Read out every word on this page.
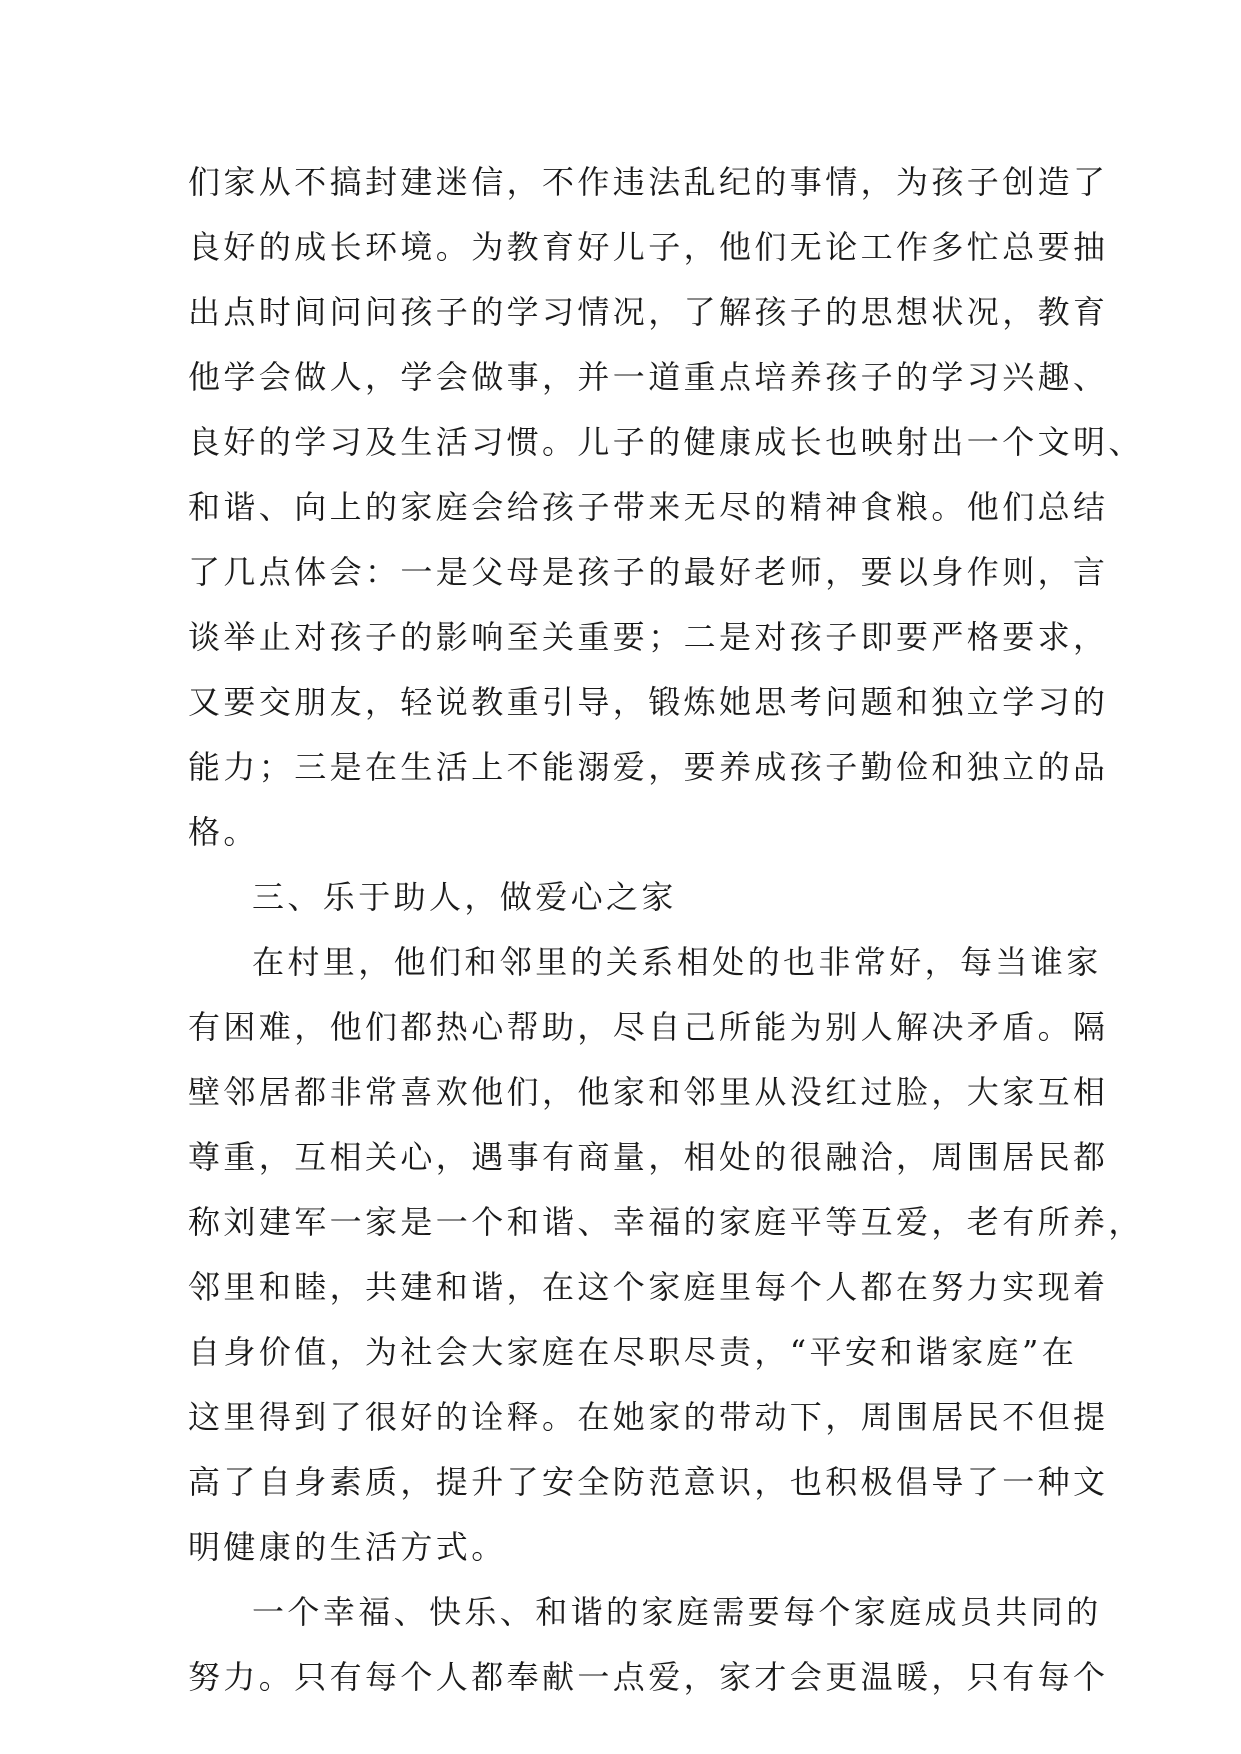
们家从不搞封建迷信，不作违法乱纪的事情，为孩子创造了
良好的成长环境。为教育好儿子，他们无论工作多忙总要抽
出点时间问问孩子的学习情况，了解孩子的思想状况，教育
他学会做人，学会做事，并一道重点培养孩子的学习兴趣、
良好的学习及生活习惯。儿子的健康成长也映射出一个文明、
和谐、向上的家庭会给孩子带来无尽的精神食粮。他们总结
了几点体会：一是父母是孩子的最好老师，要以身作则，言
谈举止对孩子的影响至关重要；二是对孩子即要严格要求，
又要交朋友，轻说教重引导，锻炼她思考问题和独立学习的
能力；三是在生活上不能溺爱，要养成孩子勤俭和独立的品
格。
三、乐于助人，做爱心之家
在村里，他们和邻里的关系相处的也非常好，每当谁家
有困难，他们都热心帮助，尽自己所能为别人解决矛盾。隔
壁邻居都非常喜欢他们，他家和邻里从没红过脸，大家互相
尊重，互相关心，遇事有商量，相处的很融洽，周围居民都
称刘建军一家是一个和谐、幸福的家庭平等互爱，老有所养，
邻里和睦，共建和谐，在这个家庭里每个人都在努力实现着
自身价值，为社会大家庭在尽职尽责，“平安和谐家庭”在
这里得到了很好的诠释。在她家的带动下，周围居民不但提
高了自身素质，提升了安全防范意识，也积极倡导了一种文
明健康的生活方式。
一个幸福、快乐、和谐的家庭需要每个家庭成员共同的
努力。只有每个人都奉献一点爱，家才会更温暖，只有每个
